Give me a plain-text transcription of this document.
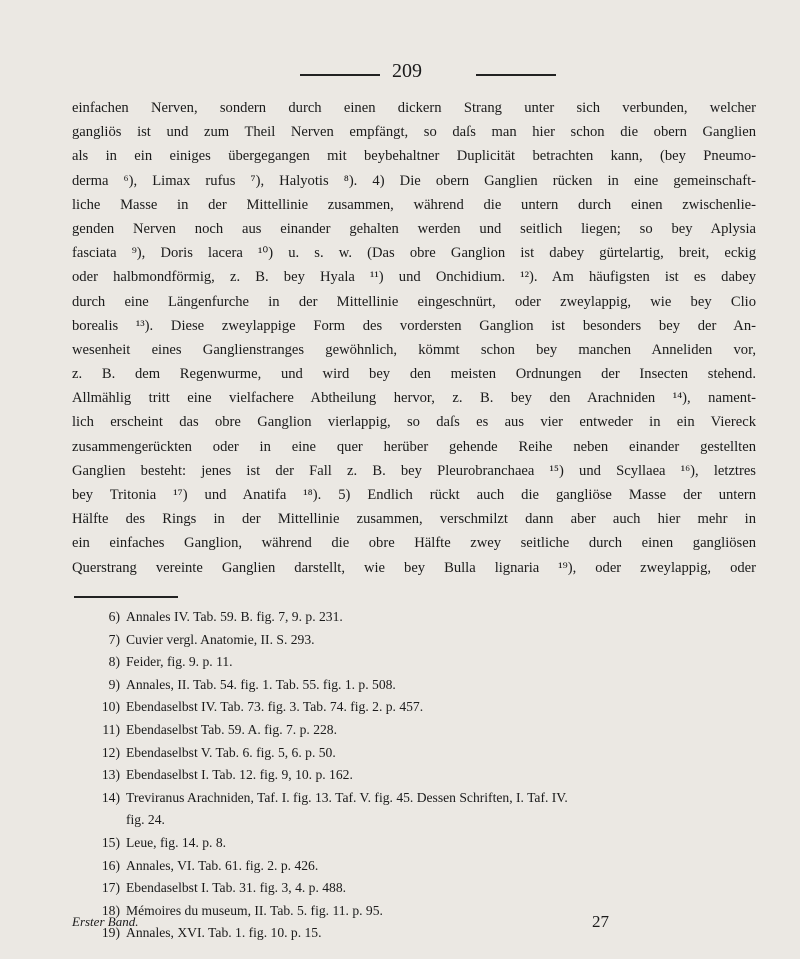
209
einfachen Nerven, sondern durch einen dickern Strang unter sich verbunden, welcher
gangliös ist und zum Theil Nerven empfängt, so daſs man hier schon die obern Ganglien
als in ein einiges übergegangen mit beybehaltner Duplicität betrachten kann, (bey Pneumo-
derma ⁶), Limax rufus ⁷), Halyotis ⁸). 4) Die obern Ganglien rücken in eine gemeinschaft-
liche Masse in der Mittellinie zusammen, während die untern durch einen zwischenlie-
genden Nerven noch aus einander gehalten werden und seitlich liegen; so bey Aplysia
fasciata ⁹), Doris lacera ¹⁰) u. s. w. (Das obre Ganglion ist dabey gürtelartig, breit, eckig
oder halbmondförmig, z. B. bey Hyala ¹¹) und Onchidium. ¹²). Am häufigsten ist es dabey
durch eine Längenfurche in der Mittellinie eingeschnürt, oder zweylappig, wie bey Clio
borealis ¹³). Diese zweylappige Form des vordersten Ganglion ist besonders bey der An-
wesenheit eines Ganglienstranges gewöhnlich, kömmt schon bey manchen Anneliden vor,
z. B. dem Regenwurme, und wird bey den meisten Ordnungen der Insecten stehend.
Allmählig tritt eine vielfachere Abtheilung hervor, z. B. bey den Arachniden ¹⁴), nament-
lich erscheint das obre Ganglion vierlappig, so daſs es aus vier entweder in ein Viereck
zusammengerückten oder in eine quer herüber gehende Reihe neben einander gestellten
Ganglien besteht: jenes ist der Fall z. B. bey Pleurobranchaea ¹⁵) und Scyllaea ¹⁶), letztres
bey Tritonia ¹⁷) und Anatifa ¹⁸). 5) Endlich rückt auch die gangliöse Masse der untern
Hälfte des Rings in der Mittellinie zusammen, verschmilzt dann aber auch hier mehr in
ein einfaches Ganglion, während die obre Hälfte zwey seitliche durch einen gangliösen
Querstrang vereinte Ganglien darstellt, wie bey Bulla lignaria ¹⁹), oder zweylappig, oder
6) Annales IV. Tab. 59. B. fig. 7, 9. p. 231.
7) Cuvier vergl. Anatomie, II. S. 293.
8) Feider, fig. 9. p. 11.
9) Annales, II. Tab. 54. fig. 1. Tab. 55. fig. 1. p. 508.
10) Ebendaselbst IV. Tab. 73. fig. 3. Tab. 74. fig. 2. p. 457.
11) Ebendaselbst Tab. 59. A. fig. 7. p. 228.
12) Ebendaselbst V. Tab. 6. fig. 5, 6. p. 50.
13) Ebendaselbst I. Tab. 12. fig. 9, 10. p. 162.
14) Treviranus Arachniden, Taf. I. fig. 13. Taf. V. fig. 45. Dessen Schriften, I. Taf. IV.
fig. 24.
15) Leue, fig. 14. p. 8.
16) Annales, VI. Tab. 61. fig. 2. p. 426.
17) Ebendaselbst I. Tab. 31. fig. 3, 4. p. 488.
18) Mémoires du museum, II. Tab. 5. fig. 11. p. 95.
19) Annales, XVI. Tab. 1. fig. 10. p. 15.
Erster Band.	27
